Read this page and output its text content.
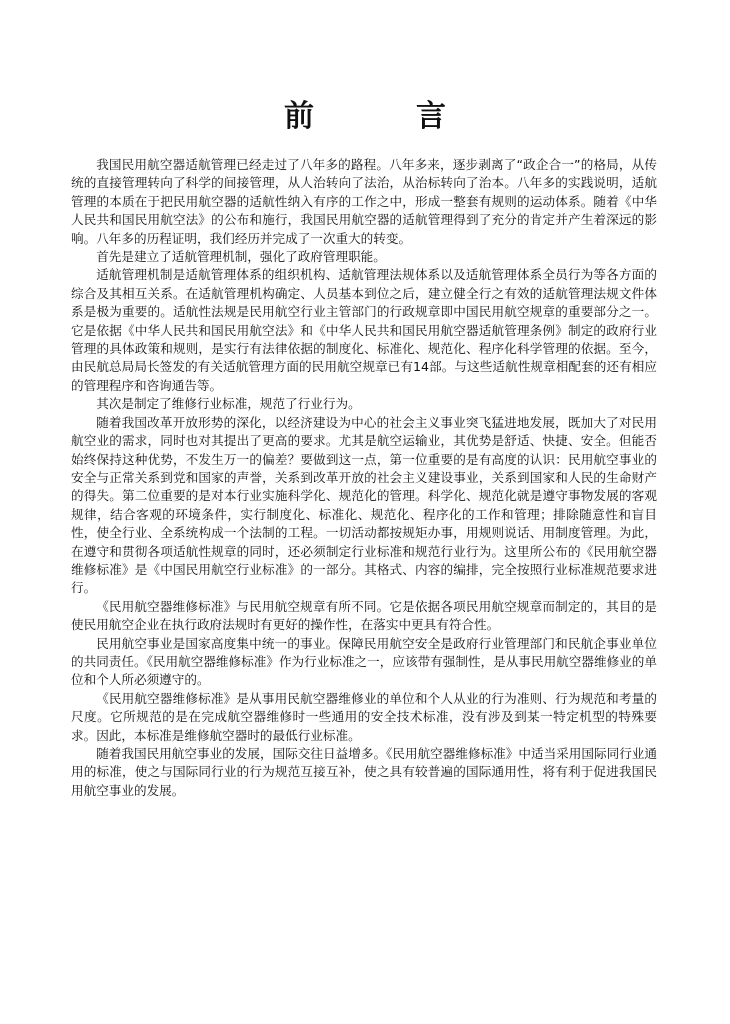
前	言

我国民用航空器适航管理已经走过了八年多的路程。八年多来，逐步剥离了“政企合一”的格局，从传统的直接管理转向了科学的间接管理，从人治转向了法治，从治标转向了治本。八年多的实践说明，适航管理的本质在于把民用航空器的适航性纳入有序的工作之中，形成一整套有规则的运动体系。随着《中华人民共和国民用航空法》的公布和施行，我国民用航空器的适航管理得到了充分的肯定并产生着深远的影响。八年多的历程证明，我们经历并完成了一次重大的转变。

首先是建立了适航管理机制，强化了政府管理职能。

适航管理机制是适航管理体系的组织机构、适航管理法规体系以及适航管理体系全员行为等各方面的综合及其相互关系。在适航管理机构确定、人员基本到位之后，建立健全行之有效的适航管理法规文件体系是极为重要的。适航性法规是民用航空行业主管部门的行政规章即中国民用航空规章的重要部分之一。它是依据《中华人民共和国民用航空法》和《中华人民共和国民用航空器适航管理条例》制定的政府行业管理的具体政策和规则，是实行有法律依据的制度化、标准化、规范化、程序化科学管理的依据。至今，由民航总局局长签发的有关适航管理方面的民用航空规章已有14部。与这些适航性规章相配套的还有相应的管理程序和咨询通告等。

其次是制定了维修行业标准，规范了行业行为。

随着我国改革开放形势的深化，以经济建设为中心的社会主义事业突飞猛进地发展，既加大了对民用航空业的需求，同时也对其提出了更高的要求。尤其是航空运输业，其优势是舒适、快捷、安全。但能否始终保持这种优势，不发生万一的偏差？要做到这一点，第一位重要的是有高度的认识：民用航空事业的安全与正常关系到党和国家的声誉，关系到改革开放的社会主义建设事业，关系到国家和人民的生命财产的得失。第二位重要的是对本行业实施科学化、规范化的管理。科学化、规范化就是遵守事物发展的客观规律，结合客观的环境条件，实行制度化、标准化、规范化、程序化的工作和管理；排除随意性和盲目性，使全行业、全系统构成一个法制的工程。一切活动都按规矩办事，用规则说话、用制度管理。为此，在遵守和贯彻各项适航性规章的同时，还必须制定行业标准和规范行业行为。这里所公布的《民用航空器维修标准》是《中国民用航空行业标准》的一部分。其格式、内容的编排，完全按照行业标准规范要求进行。

《民用航空器维修标准》与民用航空规章有所不同。它是依据各项民用航空规章而制定的，其目的是使民用航空企业在执行政府法规时有更好的操作性，在落实中更具有符合性。

民用航空事业是国家高度集中统一的事业。保障民用航空安全是政府行业管理部门和民航企事业单位的共同责任。《民用航空器维修标准》作为行业标准之一，应该带有强制性，是从事民用航空器维修业的单位和个人所必须遵守的。

《民用航空器维修标准》是从事用民航空器维修业的单位和个人从业的行为准则、行为规范和考量的尺度。它所规范的是在完成航空器维修时一些通用的安全技术标准，没有涉及到某一特定机型的特殊要求。因此，本标准是维修航空器时的最低行业标准。

随着我国民用航空事业的发展，国际交往日益增多。《民用航空器维修标准》中适当采用国际同行业通用的标准，使之与国际同行业的行为规范互接互补，使之具有较普遍的国际通用性，将有利于促进我国民用航空事业的发展。
